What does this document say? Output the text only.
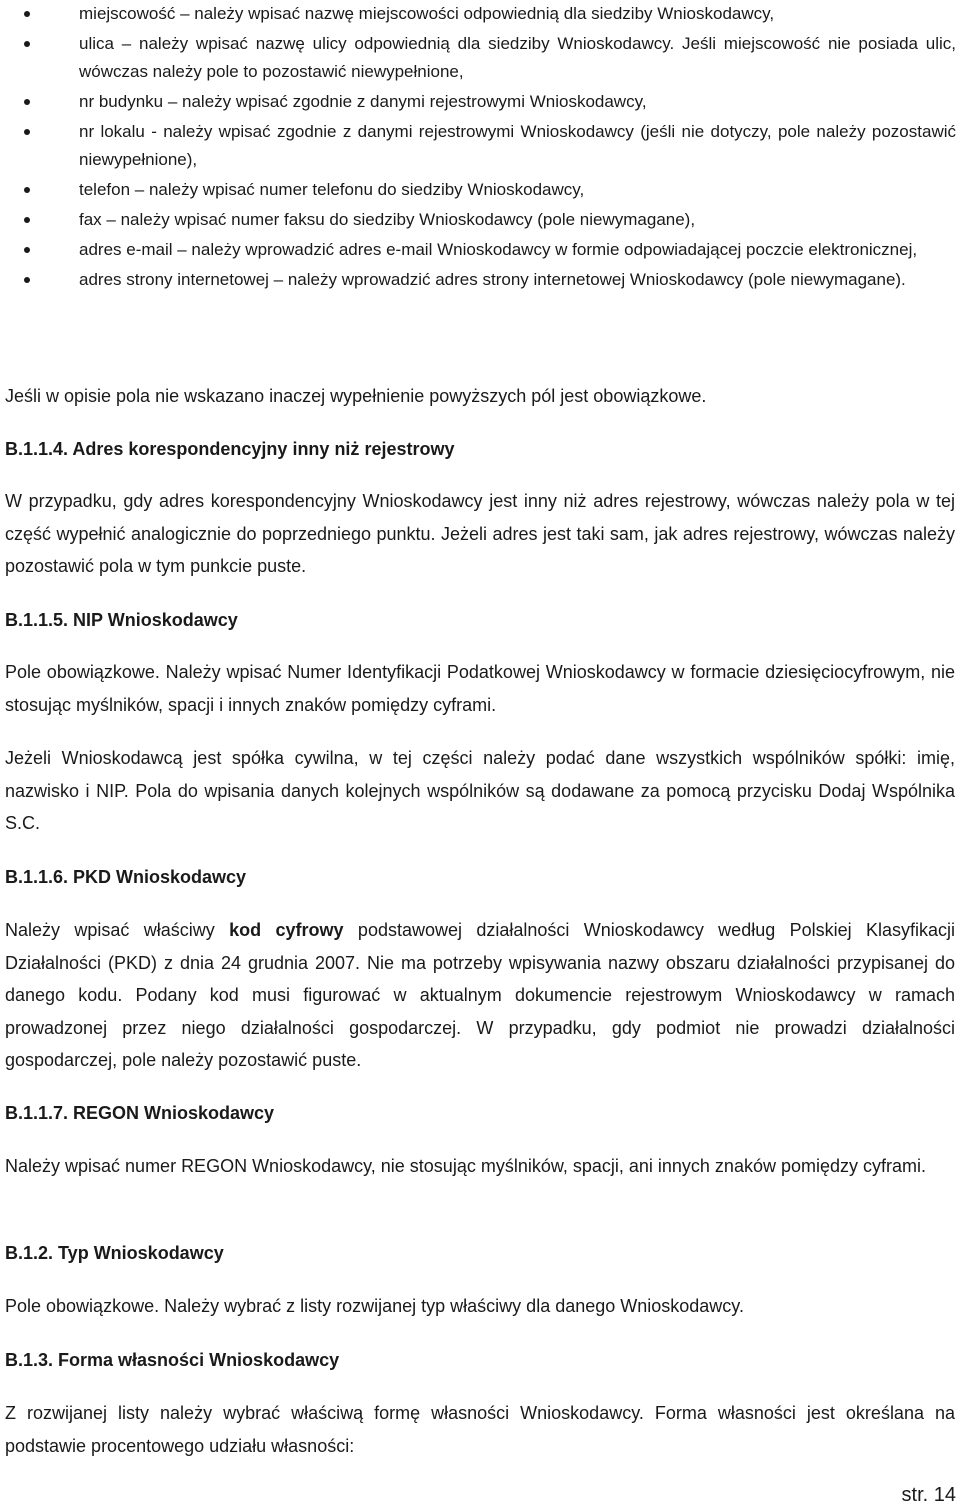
miejscowość – należy wpisać nazwę miejscowości odpowiednią dla siedziby Wnioskodawcy,
ulica – należy wpisać nazwę ulicy odpowiednią dla siedziby Wnioskodawcy. Jeśli miejscowość nie posiada ulic, wówczas należy pole to pozostawić niewypełnione,
nr budynku – należy wpisać zgodnie z danymi rejestrowymi Wnioskodawcy,
nr lokalu - należy wpisać zgodnie z danymi rejestrowymi Wnioskodawcy (jeśli nie dotyczy, pole należy pozostawić niewypełnione),
telefon – należy wpisać numer telefonu do siedziby Wnioskodawcy,
fax – należy wpisać numer faksu do siedziby Wnioskodawcy (pole niewymagane),
adres e-mail – należy wprowadzić adres e-mail Wnioskodawcy w formie odpowiadającej poczcie elektronicznej,
adres strony internetowej – należy wprowadzić adres strony internetowej Wnioskodawcy (pole niewymagane).

Jeśli w opisie pola nie wskazano inaczej wypełnienie powyższych pól jest obowiązkowe.

B.1.1.4. Adres korespondencyjny inny niż rejestrowy

W przypadku, gdy adres korespondencyjny Wnioskodawcy jest inny niż adres rejestrowy, wówczas należy pola w tej część wypełnić analogicznie do poprzedniego punktu. Jeżeli adres jest taki sam, jak adres rejestrowy, wówczas należy pozostawić pola w tym punkcie puste.

B.1.1.5. NIP Wnioskodawcy

Pole obowiązkowe. Należy wpisać Numer Identyfikacji Podatkowej Wnioskodawcy w formacie dziesięciocyfrowym, nie stosując myślników, spacji i innych znaków pomiędzy cyframi.

Jeżeli Wnioskodawcą jest spółka cywilna, w tej części należy podać dane wszystkich wspólników spółki: imię, nazwisko i NIP. Pola do wpisania danych kolejnych wspólników są dodawane za pomocą przycisku Dodaj Wspólnika S.C.

B.1.1.6. PKD Wnioskodawcy

Należy wpisać właściwy kod cyfrowy podstawowej działalności Wnioskodawcy według Polskiej Klasyfikacji Działalności (PKD) z dnia 24 grudnia 2007. Nie ma potrzeby wpisywania nazwy obszaru działalności przypisanej do danego kodu. Podany kod musi figurować w aktualnym dokumencie rejestrowym Wnioskodawcy w ramach prowadzonej przez niego działalności gospodarczej. W przypadku, gdy podmiot nie prowadzi działalności gospodarczej, pole należy pozostawić puste.

B.1.1.7. REGON Wnioskodawcy

Należy wpisać numer REGON Wnioskodawcy, nie stosując myślników, spacji, ani innych znaków pomiędzy cyframi.

B.1.2. Typ Wnioskodawcy

Pole obowiązkowe. Należy wybrać z listy rozwijanej typ właściwy dla danego Wnioskodawcy.

B.1.3. Forma własności Wnioskodawcy

Z rozwijanej listy należy wybrać właściwą formę własności Wnioskodawcy. Forma własności jest określana na podstawie procentowego udziału własności:

str. 14
